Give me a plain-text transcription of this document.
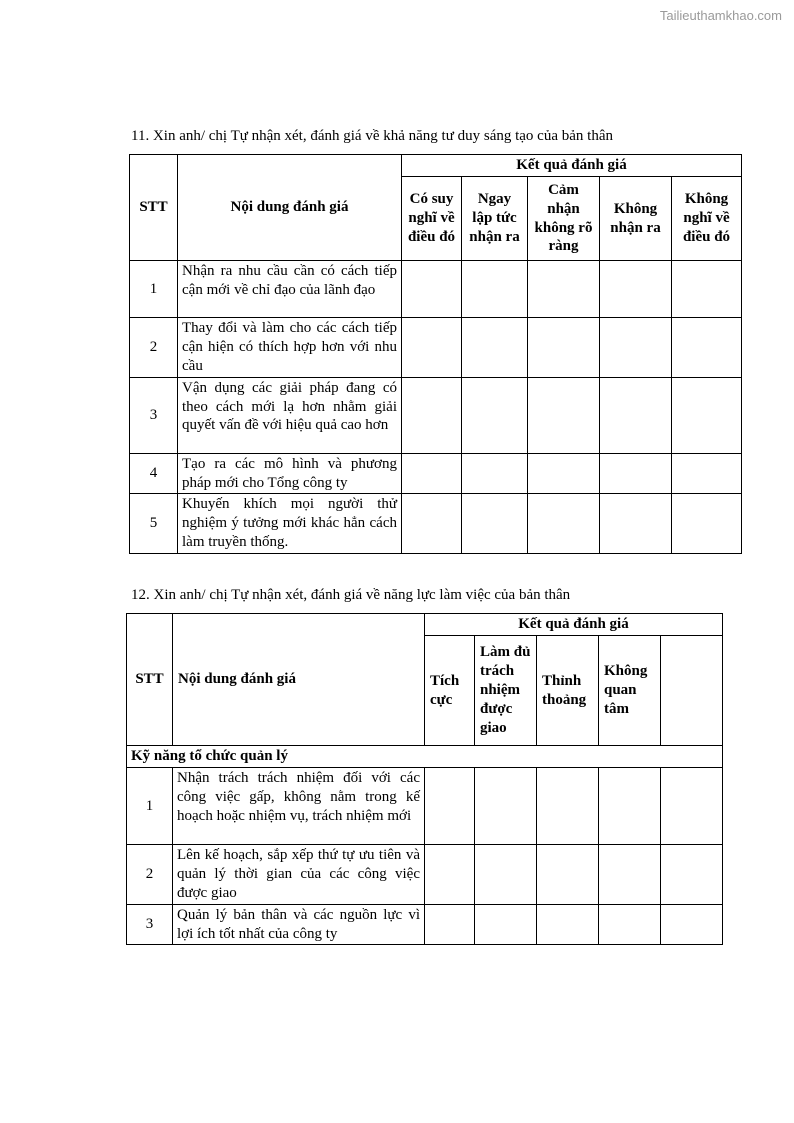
Tailieuthamkhao.com
11. Xin anh/ chị Tự nhận xét, đánh giá về khả năng tư duy sáng tạo của bản thân
STT	Nội dung đánh giá	Kết quả đánh giá				
		Có suy nghĩ về điều đó	Ngay lập tức nhận ra	Cảm nhận không rõ ràng	Không nhận ra	Không nghĩ về điều đó
1	Nhận ra nhu cầu cần có cách tiếp cận mới về chỉ đạo của lãnh đạo					
2	Thay đổi và làm cho các cách tiếp cận hiện có thích hợp hơn với nhu cầu					
3	Vận dụng các giải pháp đang có theo cách mới lạ hơn nhằm giải quyết vấn đề với hiệu quả cao hơn					
4	Tạo ra các mô hình và phương pháp mới cho Tổng công ty					
5	Khuyến khích mọi người thử nghiệm ý tưởng mới khác hẳn cách làm truyền thống.					
12. Xin anh/ chị Tự nhận xét, đánh giá về năng lực làm việc của bản thân
STT	Nội dung đánh giá	Kết quả đánh giá				
		Tích cực	Làm đủ trách nhiệm được giao	Thỉnh thoảng	Không quan tâm	
Kỹ năng tổ chức quản lý						
1	Nhận trách trách nhiệm đối với các công việc gấp, không nằm trong kế hoạch hoặc nhiệm vụ, trách nhiệm mới					
2	Lên kế hoạch, sắp xếp thứ tự ưu tiên và quản lý thời gian của các công việc được giao					
3	Quản lý bản thân và các nguồn lực vì lợi ích tốt nhất của công ty					
